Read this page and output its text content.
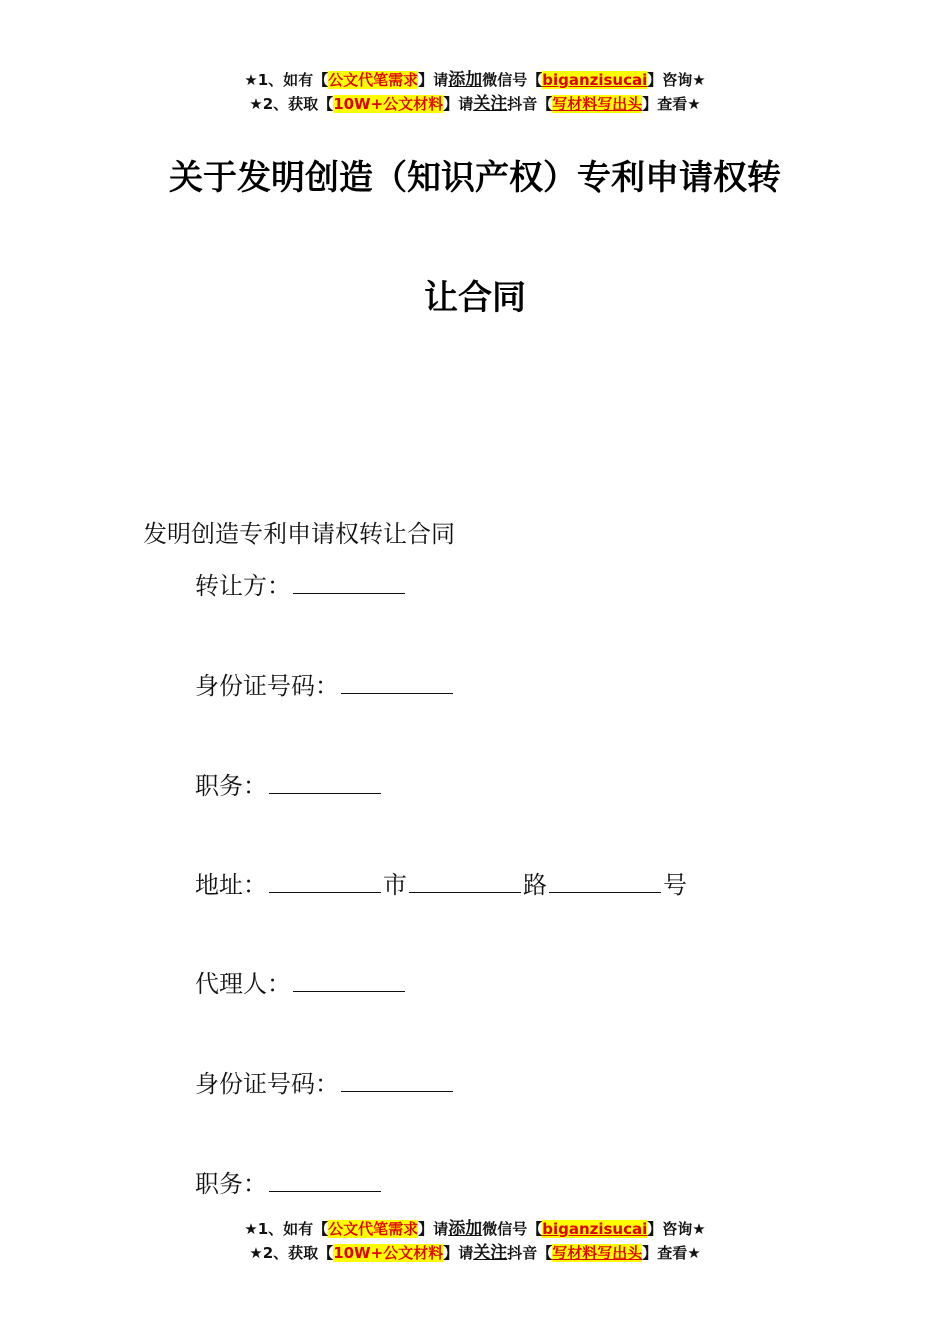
★1、如有【公文代笔需求】请添加微信号【biganzisucai】咨询★
★2、获取【10W+公文材料】请关注抖音【写材料写出头】查看★
关于发明创造（知识产权）专利申请权转
让合同
发明创造专利申请权转让合同
转让方：
身份证号码：
职务：
地址：	市	路	号
代理人：
身份证号码：
职务：
★1、如有【公文代笔需求】请添加微信号【biganzisucai】咨询★
★2、获取【10W+公文材料】请关注抖音【写材料写出头】查看★
